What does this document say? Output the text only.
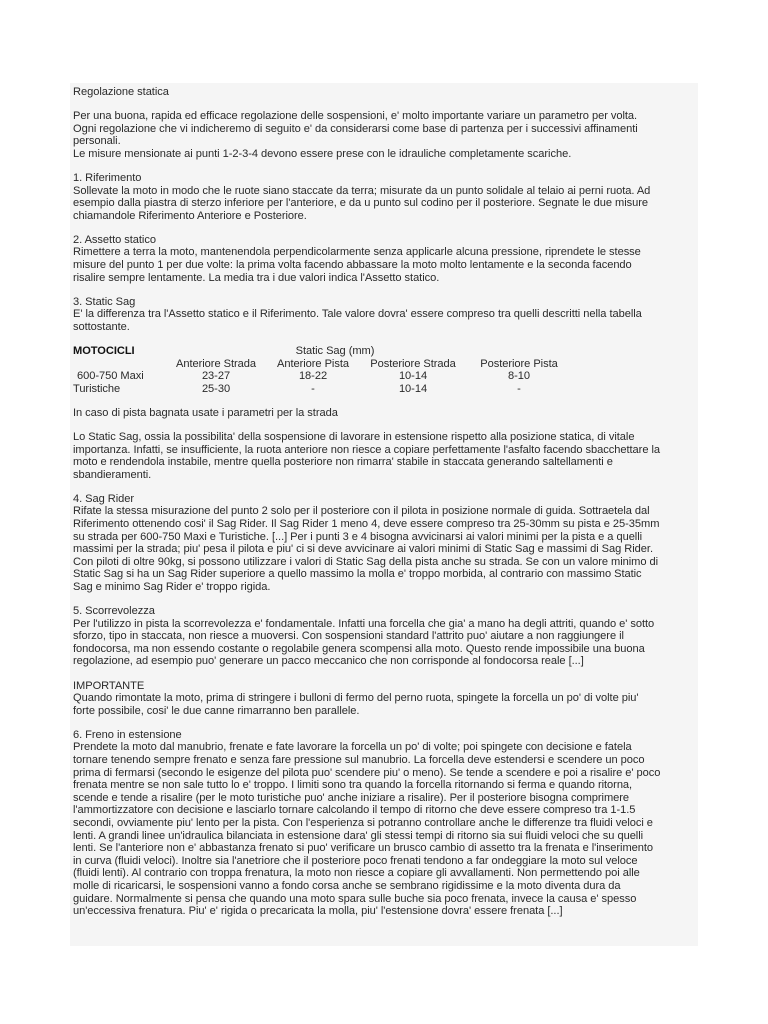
Regolazione statica

Per una buona, rapida ed efficace regolazione delle sospensioni, e' molto importante variare un parametro per volta.

Ogni regolazione che vi indicheremo di seguito e' da considerarsi come base di partenza per i successivi affinamenti

personali.

Le misure mensionate ai punti 1-2-3-4 devono essere prese con le idrauliche completamente scariche.

1. Riferimento

Sollevate la moto in modo che le ruote siano staccate da terra; misurate da un punto solidale al telaio ai perni ruota. Ad

esempio dalla piastra di sterzo inferiore per l'anteriore, e da u punto sul codino per il posteriore. Segnate le due misure

chiamandole Riferimento Anteriore e Posteriore.

2. Assetto statico

Rimettere a terra la moto, mantenendola perpendicolarmente senza applicarle alcuna pressione, riprendete le stesse

misure del punto 1 per due volte: la prima volta facendo abbassare la moto molto lentamente e la seconda facendo

risalire sempre lentamente. La media tra i due valori indica l'Assetto statico.

3. Static Sag

E' la differenza tra l'Assetto statico e il Riferimento. Tale valore dovra' essere compreso tra quelli descritti nella tabella

sottostante.

MOTOCICLI	Static Sag (mm)			
	Anteriore Strada	Anteriore Pista	Posteriore Strada	Posteriore Pista
600-750 Maxi	23-27	18-22	10-14	8-10
Turistiche	25-30	-	10-14	-

In caso di pista bagnata usate i parametri per la strada

Lo Static Sag, ossia la possibilita' della sospensione di lavorare in estensione rispetto alla posizione statica, di vitale

importanza. Infatti, se insufficiente, la ruota anteriore non riesce a copiare perfettamente l'asfalto facendo sbacchettare la

moto e rendendola instabile, mentre quella posteriore non rimarra' stabile in staccata generando saltellamenti e

sbandieramenti.

4. Sag Rider

Rifate la stessa misurazione del punto 2 solo per il posteriore con il pilota in posizione normale di guida. Sottraetela dal

Riferimento ottenendo cosi' il Sag Rider. Il Sag Rider 1 meno 4, deve essere compreso tra 25-30mm su pista e 25-35mm

su strada per 600-750 Maxi e Turistiche. [...] Per i punti 3 e 4 bisogna avvicinarsi ai valori minimi per la pista e a quelli

massimi per la strada; piu' pesa il pilota e piu' ci si deve avvicinare ai valori minimi di Static Sag e massimi di Sag Rider.

Con piloti di oltre 90kg, si possono utilizzare i valori di Static Sag della pista anche su strada. Se con un valore minimo di

Static Sag si ha un Sag Rider superiore a quello massimo la molla e' troppo morbida, al contrario con massimo Static

Sag e minimo Sag Rider e' troppo rigida.

5. Scorrevolezza

Per l'utilizzo in pista la scorrevolezza e' fondamentale. Infatti una forcella che gia' a mano ha degli attriti, quando e' sotto

sforzo, tipo in staccata, non riesce a muoversi. Con sospensioni standard l'attrito puo' aiutare a non raggiungere il

fondocorsa, ma non essendo costante o regolabile genera scompensi alla moto. Questo rende impossibile una buona

regolazione, ad esempio puo' generare un pacco meccanico che non corrisponde al fondocorsa reale [...]

IMPORTANTE

Quando rimontate la moto, prima di stringere i bulloni di fermo del perno ruota, spingete la forcella un po' di volte piu'

forte possibile, cosi' le due canne rimarranno ben parallele.

6. Freno in estensione

Prendete la moto dal manubrio, frenate e fate lavorare la forcella un po' di volte; poi spingete con decisione e fatela

tornare tenendo sempre frenato e senza fare pressione sul manubrio. La forcella deve estendersi e scendere un poco

prima di fermarsi (secondo le esigenze del pilota puo' scendere piu' o meno). Se tende a scendere e poi a risalire e' poco

frenata mentre se non sale tutto lo e' troppo. I limiti sono tra quando la forcella ritornando si ferma e quando ritorna,

scende e tende a risalire (per le moto turistiche puo' anche iniziare a risalire). Per il posteriore bisogna comprimere

l'ammortizzatore con decisione e lasciarlo tornare calcolando il tempo di ritorno che deve essere compreso tra 1-1.5

secondi, ovviamente piu' lento per la pista. Con l'esperienza si potranno controllare anche le differenze tra fluidi veloci e

lenti. A grandi linee un'idraulica bilanciata in estensione dara' gli stessi tempi di ritorno sia sui fluidi veloci che su quelli

lenti. Se l'anteriore non e' abbastanza frenato si puo' verificare un brusco cambio di assetto tra la frenata e l'inserimento

in curva (fluidi veloci). Inoltre sia l'anetriore che il posteriore poco frenati tendono a far ondeggiare la moto sul veloce

(fluidi lenti). Al contrario con troppa frenatura, la moto non riesce a copiare gli avvallamenti. Non permettendo poi alle

molle di ricaricarsi, le sospensioni vanno a fondo corsa anche se sembrano rigidissime e la moto diventa dura da

guidare. Normalmente si pensa che quando una moto spara sulle buche sia poco frenata, invece la causa e' spesso

un'eccessiva frenatura. Piu' e' rigida o precaricata la molla, piu' l'estensione dovra' essere frenata [...]
